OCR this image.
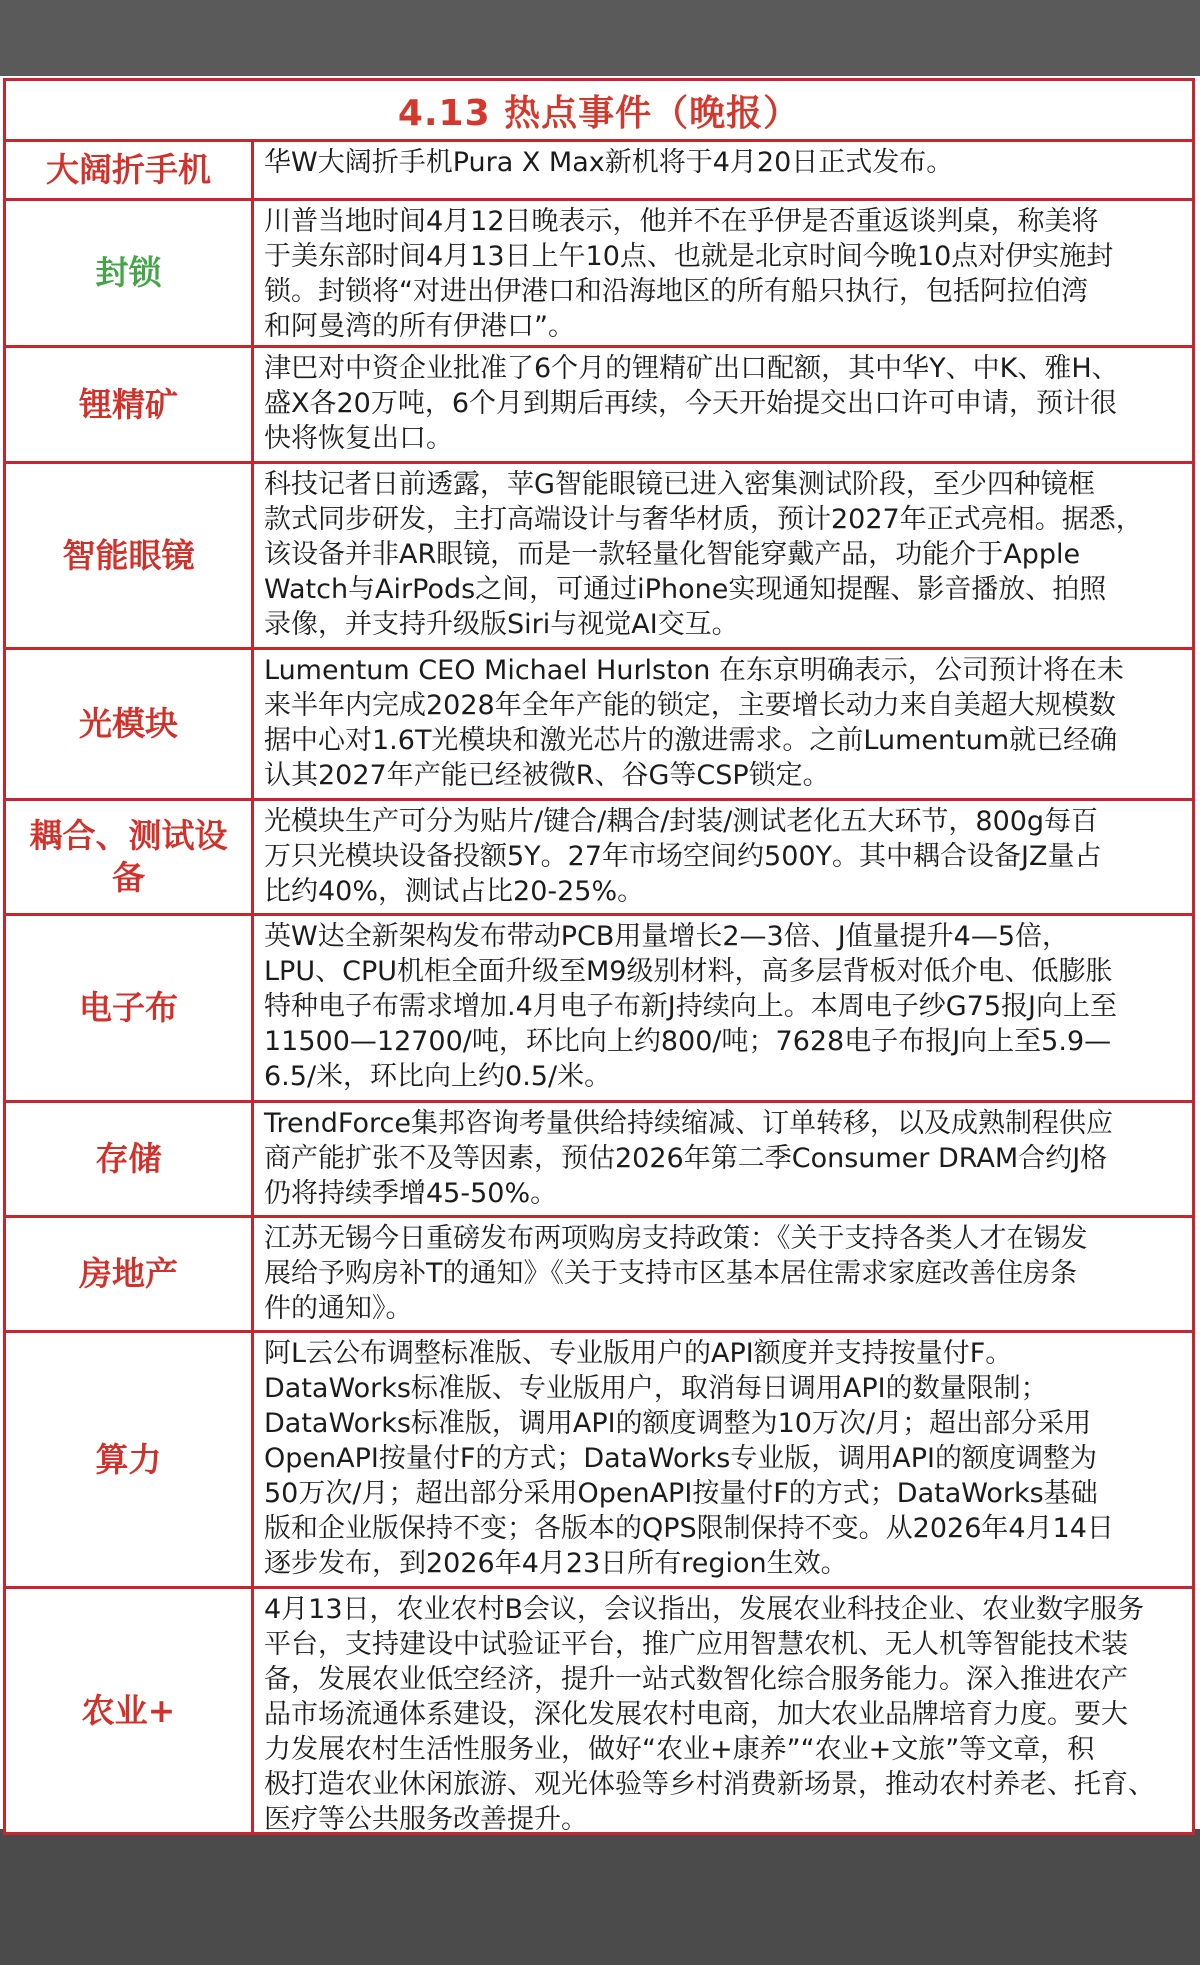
4.13 热点事件（晚报）
大阔折手机	华W大阔折手机Pura X Max新机将于4月20日正式发布。
封锁
川普当地时间4月12日晚表示，他并不在乎伊是否重返谈判桌，称美将
于美东部时间4月13日上午10点、也就是北京时间今晚10点对伊实施封
锁。封锁将“对进出伊港口和沿海地区的所有船只执行，包括阿拉伯湾
和阿曼湾的所有伊港口”。
锂精矿
津巴对中资企业批准了6个月的锂精矿出口配额，其中华Y、中K、雅H、
盛X各20万吨，6个月到期后再续，今天开始提交出口许可申请，预计很
快将恢复出口。
智能眼镜
科技记者日前透露，苹G智能眼镜已进入密集测试阶段，至少四种镜框
款式同步研发，主打高端设计与奢华材质，预计2027年正式亮相。据悉，
该设备并非AR眼镜，而是一款轻量化智能穿戴产品，功能介于Apple
Watch与AirPods之间，可通过iPhone实现通知提醒、影音播放、拍照
录像，并支持升级版Siri与视觉AI交互。
光模块
Lumentum CEO Michael Hurlston 在东京明确表示，公司预计将在未
来半年内完成2028年全年产能的锁定，主要增长动力来自美超大规模数
据中心对1.6T光模块和激光芯片的激进需求。之前Lumentum就已经确
认其2027年产能已经被微R、谷G等CSP锁定。
耦合、测试设备
光模块生产可分为贴片/键合/耦合/封装/测试老化五大环节，800g每百
万只光模块设备投额5Y。27年市场空间约500Y。其中耦合设备JZ量占
比约40%，测试占比20-25%。
电子布
英W达全新架构发布带动PCB用量增长2—3倍、J值量提升4—5倍，
LPU、CPU机柜全面升级至M9级别材料，高多层背板对低介电、低膨胀
特种电子布需求增加.4月电子布新J持续向上。本周电子纱G75报J向上至
11500—12700/吨，环比向上约800/吨；7628电子布报J向上至5.9—
6.5/米，环比向上约0.5/米。
存储
TrendForce集邦咨询考量供给持续缩减、订单转移，以及成熟制程供应
商产能扩张不及等因素，预估2026年第二季Consumer DRAM合约J格
仍将持续季增45-50%。
房地产
江苏无锡今日重磅发布两项购房支持政策：《关于支持各类人才在锡发
展给予购房补T的通知》《关于支持市区基本居住需求家庭改善住房条
件的通知》。
算力
阿L云公布调整标准版、专业版用户的API额度并支持按量付F。
DataWorks标准版、专业版用户，取消每日调用API的数量限制；
DataWorks标准版，调用API的额度调整为10万次/月；超出部分采用
OpenAPI按量付F的方式；DataWorks专业版，调用API的额度调整为
50万次/月；超出部分采用OpenAPI按量付F的方式；DataWorks基础
版和企业版保持不变；各版本的QPS限制保持不变。从2026年4月14日
逐步发布，到2026年4月23日所有region生效。
农业+
4月13日，农业农村B会议，会议指出，发展农业科技企业、农业数字服务
平台，支持建设中试验证平台，推广应用智慧农机、无人机等智能技术装
备，发展农业低空经济，提升一站式数智化综合服务能力。深入推进农产
品市场流通体系建设，深化发展农村电商，加大农业品牌培育力度。要大
力发展农村生活性服务业，做好“农业+康养”“农业+文旅”等文章，积
极打造农业休闲旅游、观光体验等乡村消费新场景，推动农村养老、托育、
医疗等公共服务改善提升。
